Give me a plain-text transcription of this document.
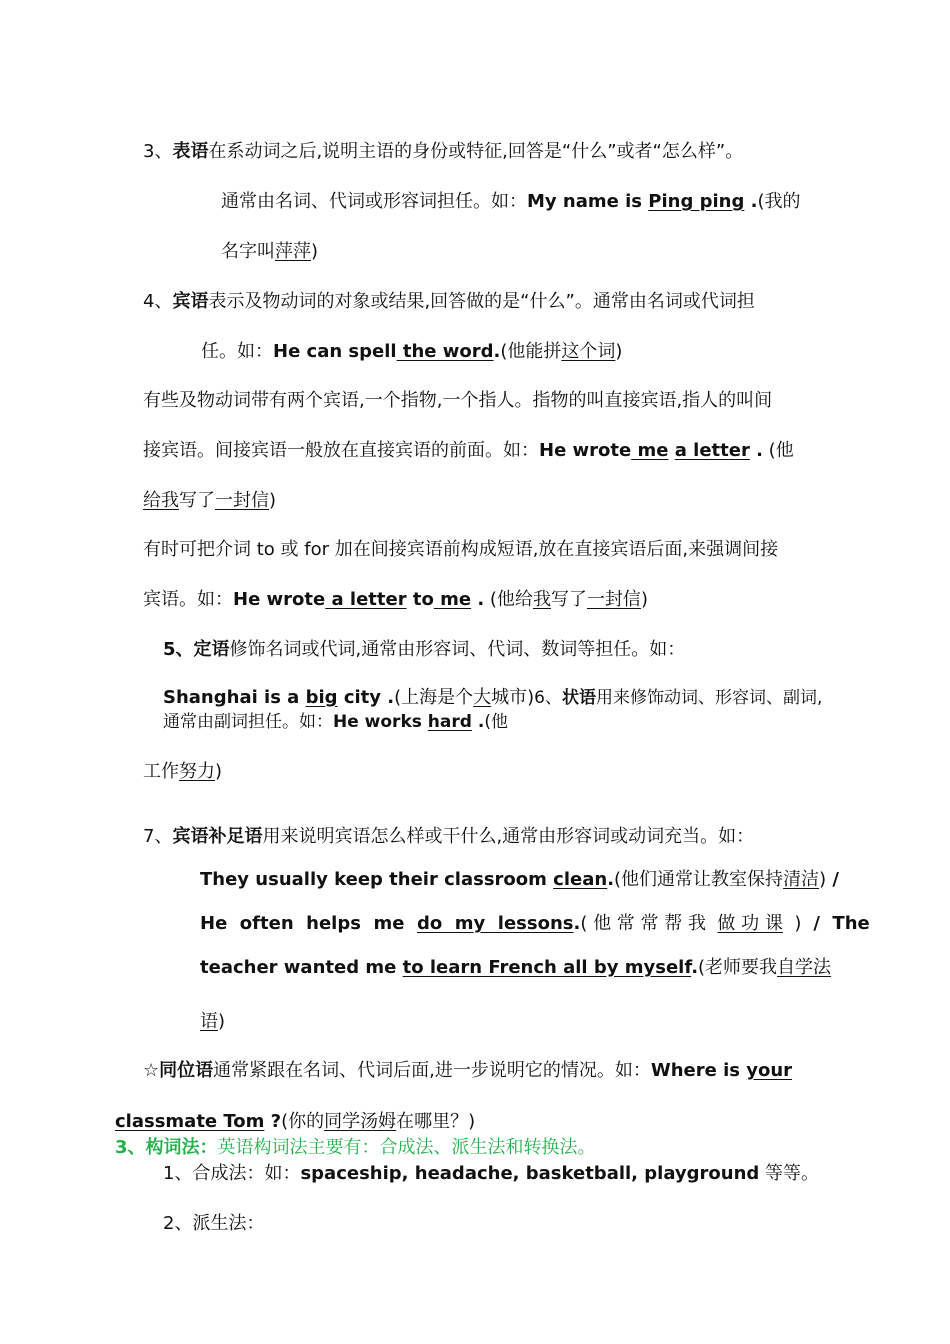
3、表语在系动词之后,说明主语的身份或特征,回答是“什么”或者“怎么样”。
通常由名词、代词或形容词担任。如：My name is Ping ping .(我的
名字叫萍萍)
4、宾语表示及物动词的对象或结果,回答做的是“什么”。通常由名词或代词担
任。如：He can spell the word.(他能拼这个词)
有些及物动词带有两个宾语,一个指物,一个指人。指物的叫直接宾语,指人的叫间
接宾语。间接宾语一般放在直接宾语的前面。如：He wrote me a letter . (他
给我写了一封信)
有时可把介词 to 或 for 加在间接宾语前构成短语,放在直接宾语后面,来强调间接
宾语。如：He wrote a letter to me . (他给我写了一封信)
5、定语修饰名词或代词,通常由形容词、代词、数词等担任。如：
Shanghai is a big city .(上海是个大城市)6、状语用来修饰动词、形容词、副词,
通常由副词担任。如：He works hard .(他
工作努力)
7、宾语补足语用来说明宾语怎么样或干什么,通常由形容词或动词充当。如：
They usually keep their classroom clean.(他们通常让教室保持清洁) /
He  often  helps  me  do  my  lessons.( 他 常 常 帮 我  做 功 课  )  /  The
teacher wanted me to learn French all by myself.(老师要我自学法
语)
☆同位语通常紧跟在名词、代词后面,进一步说明它的情况。如：Where is your
classmate Tom ?(你的同学汤姆在哪里？)
3、构词法：英语构词法主要有：合成法、派生法和转换法。
1、合成法：如：spaceship, headache, basketball, playground 等等。
2、派生法：
